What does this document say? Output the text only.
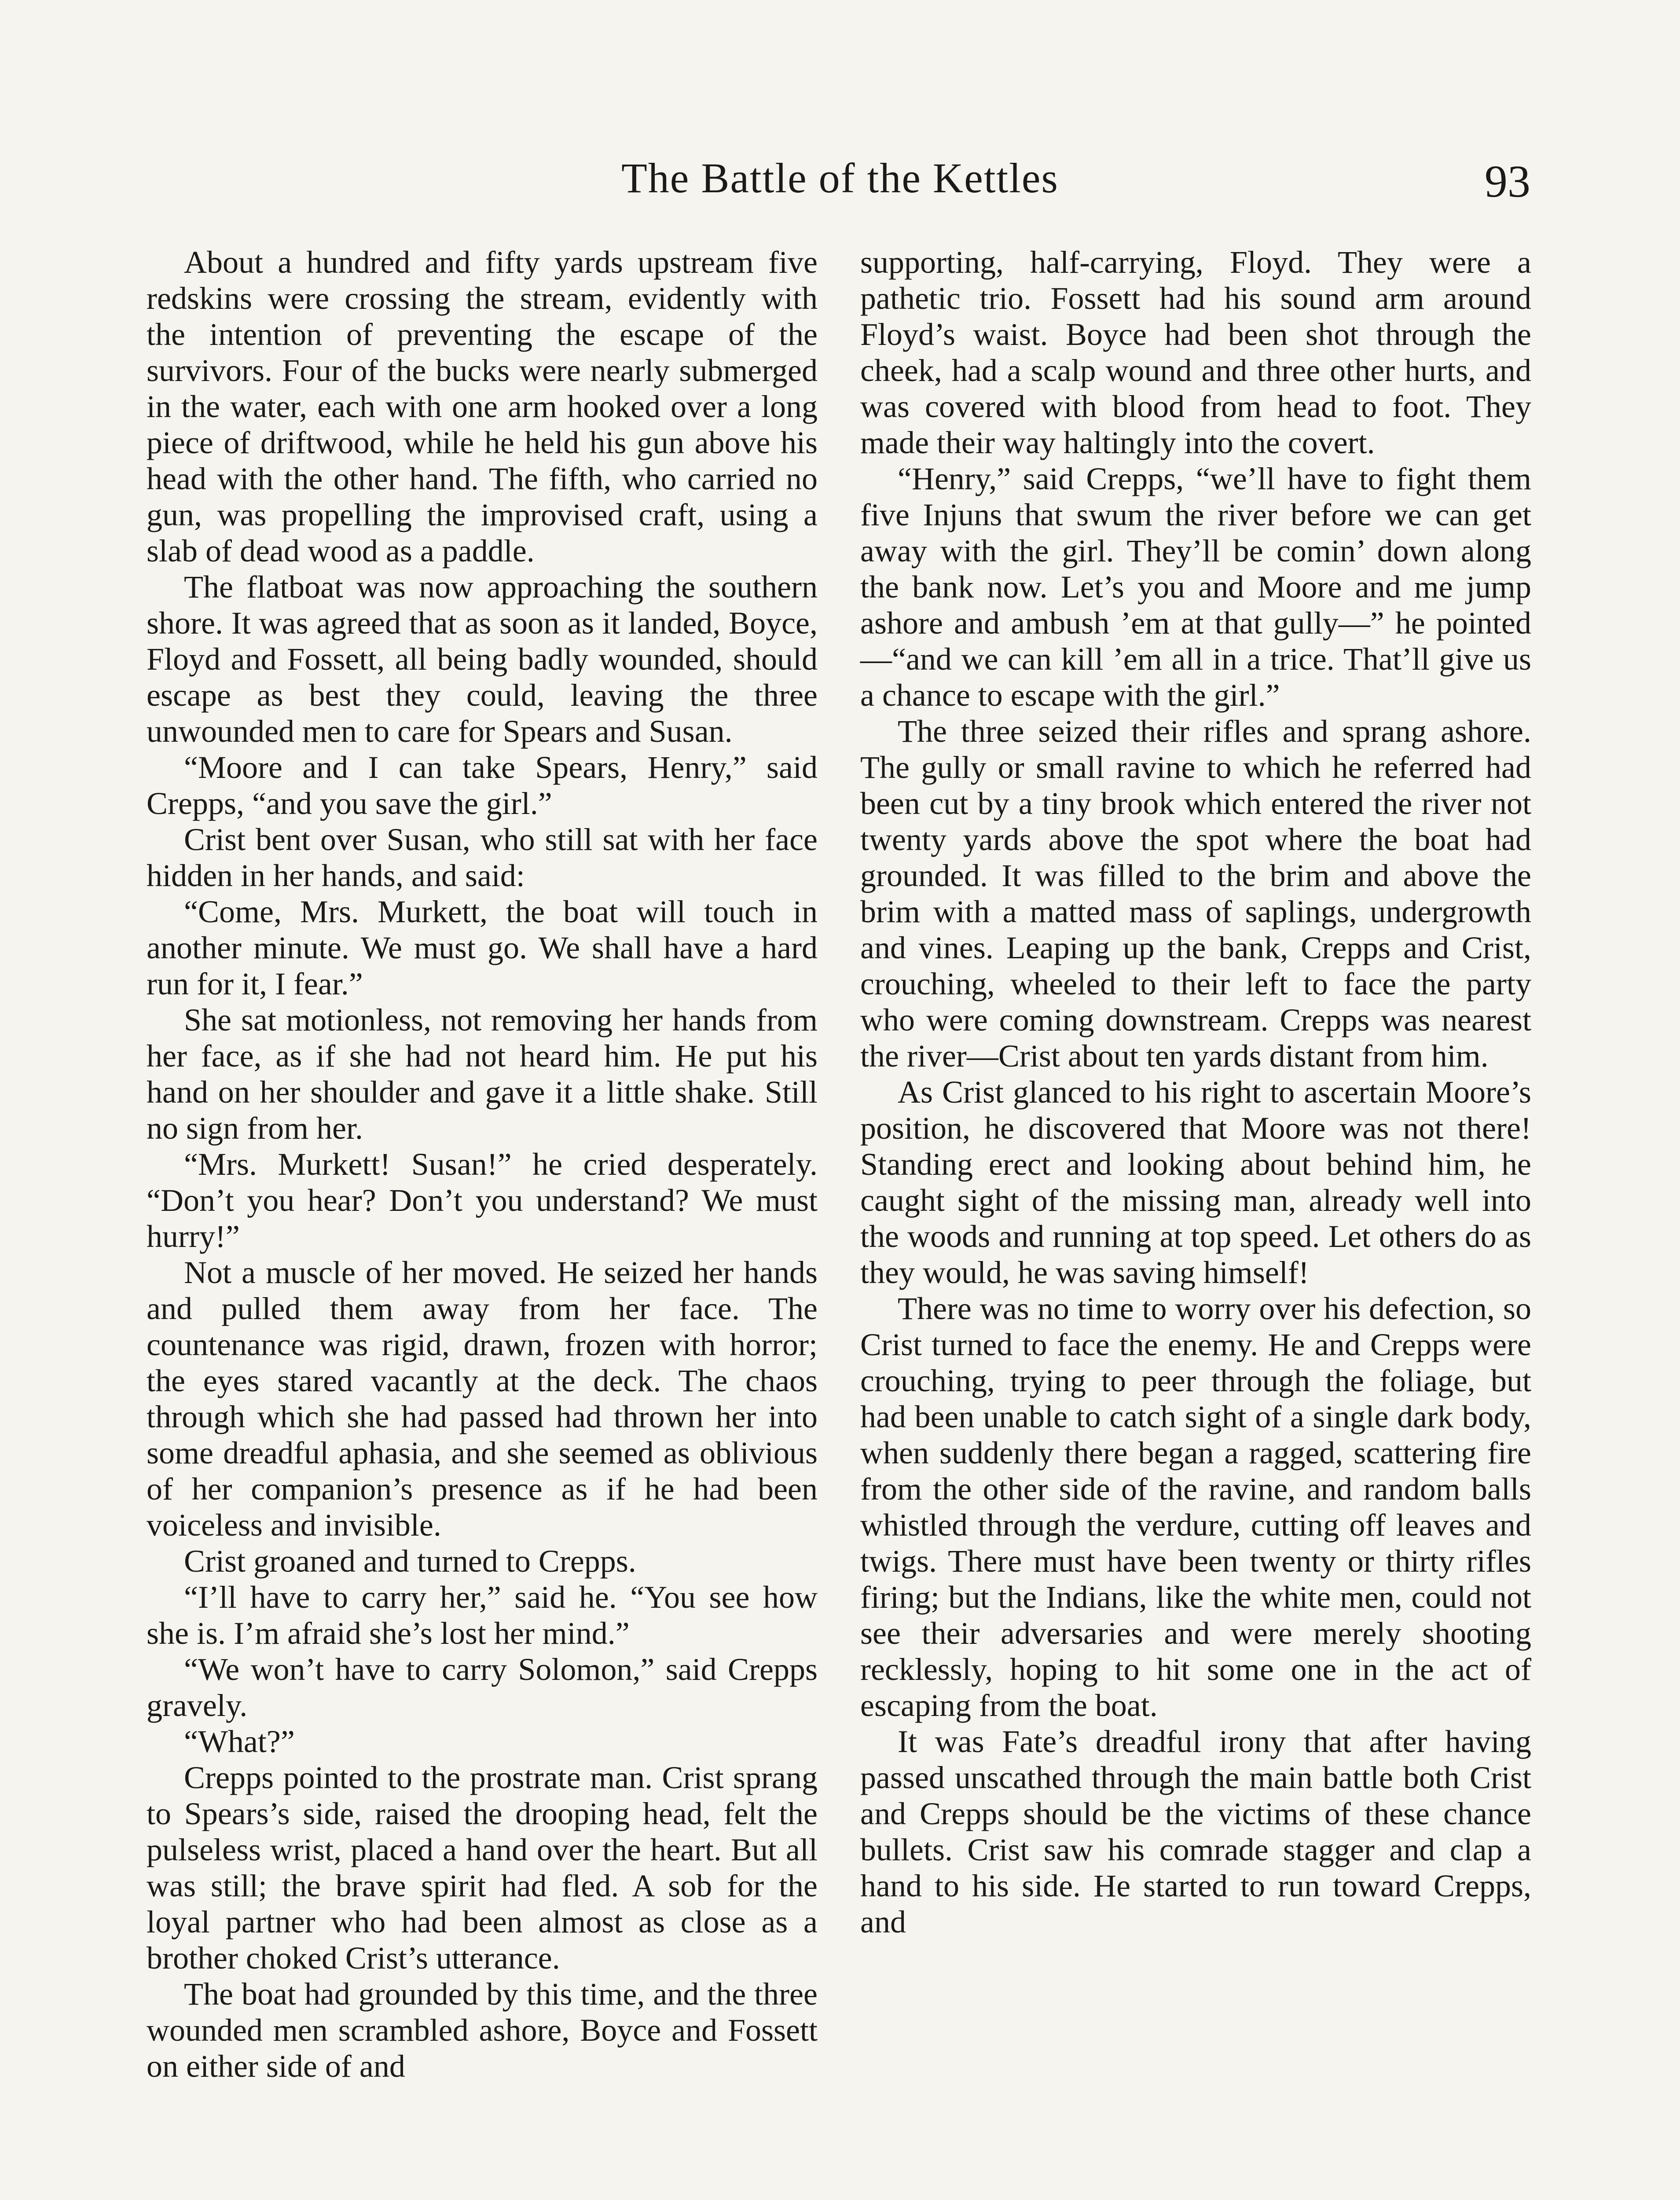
The Battle of the Kettles	93

About a hundred and fifty yards upstream five redskins were crossing the stream, evidently with the intention of preventing the escape of the survivors. Four of the bucks were nearly submerged in the water, each with one arm hooked over a long piece of driftwood, while he held his gun above his head with the other hand. The fifth, who carried no gun, was propelling the improvised craft, using a slab of dead wood as a paddle.

The flatboat was now approaching the southern shore. It was agreed that as soon as it landed, Boyce, Floyd and Fossett, all being badly wounded, should escape as best they could, leaving the three unwounded men to care for Spears and Susan.

“Moore and I can take Spears, Henry,” said Crepps, “and you save the girl.”

Crist bent over Susan, who still sat with her face hidden in her hands, and said:

“Come, Mrs. Murkett, the boat will touch in another minute. We must go. We shall have a hard run for it, I fear.”

She sat motionless, not removing her hands from her face, as if she had not heard him. He put his hand on her shoulder and gave it a little shake. Still no sign from her.

“Mrs. Murkett! Susan!” he cried desperately. “Don’t you hear? Don’t you understand? We must hurry!”

Not a muscle of her moved. He seized her hands and pulled them away from her face. The countenance was rigid, drawn, frozen with horror; the eyes stared vacantly at the deck. The chaos through which she had passed had thrown her into some dreadful aphasia, and she seemed as oblivious of her companion’s presence as if he had been voiceless and invisible.

Crist groaned and turned to Crepps.

“I’ll have to carry her,” said he. “You see how she is. I’m afraid she’s lost her mind.”

“We won’t have to carry Solomon,” said Crepps gravely.

“What?”

Crepps pointed to the prostrate man. Crist sprang to Spears’s side, raised the drooping head, felt the pulseless wrist, placed a hand over the heart. But all was still; the brave spirit had fled. A sob for the loyal partner who had been almost as close as a brother choked Crist’s utterance.

The boat had grounded by this time, and the three wounded men scrambled ashore, Boyce and Fossett on either side of and

supporting, half-carrying, Floyd. They were a pathetic trio. Fossett had his sound arm around Floyd’s waist. Boyce had been shot through the cheek, had a scalp wound and three other hurts, and was covered with blood from head to foot. They made their way haltingly into the covert.

“Henry,” said Crepps, “we’ll have to fight them five Injuns that swum the river before we can get away with the girl. They’ll be comin’ down along the bank now. Let’s you and Moore and me jump ashore and ambush ’em at that gully—” he pointed—“and we can kill ’em all in a trice. That’ll give us a chance to escape with the girl.”

The three seized their rifles and sprang ashore. The gully or small ravine to which he referred had been cut by a tiny brook which entered the river not twenty yards above the spot where the boat had grounded. It was filled to the brim and above the brim with a matted mass of saplings, undergrowth and vines. Leaping up the bank, Crepps and Crist, crouching, wheeled to their left to face the party who were coming downstream. Crepps was nearest the river—Crist about ten yards distant from him.

As Crist glanced to his right to ascertain Moore’s position, he discovered that Moore was not there! Standing erect and looking about behind him, he caught sight of the missing man, already well into the woods and running at top speed. Let others do as they would, he was saving himself!

There was no time to worry over his defection, so Crist turned to face the enemy. He and Crepps were crouching, trying to peer through the foliage, but had been unable to catch sight of a single dark body, when suddenly there began a ragged, scattering fire from the other side of the ravine, and random balls whistled through the verdure, cutting off leaves and twigs. There must have been twenty or thirty rifles firing; but the Indians, like the white men, could not see their adversaries and were merely shooting recklessly, hoping to hit some one in the act of escaping from the boat.

It was Fate’s dreadful irony that after having passed unscathed through the main battle both Crist and Crepps should be the victims of these chance bullets. Crist saw his comrade stagger and clap a hand to his side. He started to run toward Crepps, and
